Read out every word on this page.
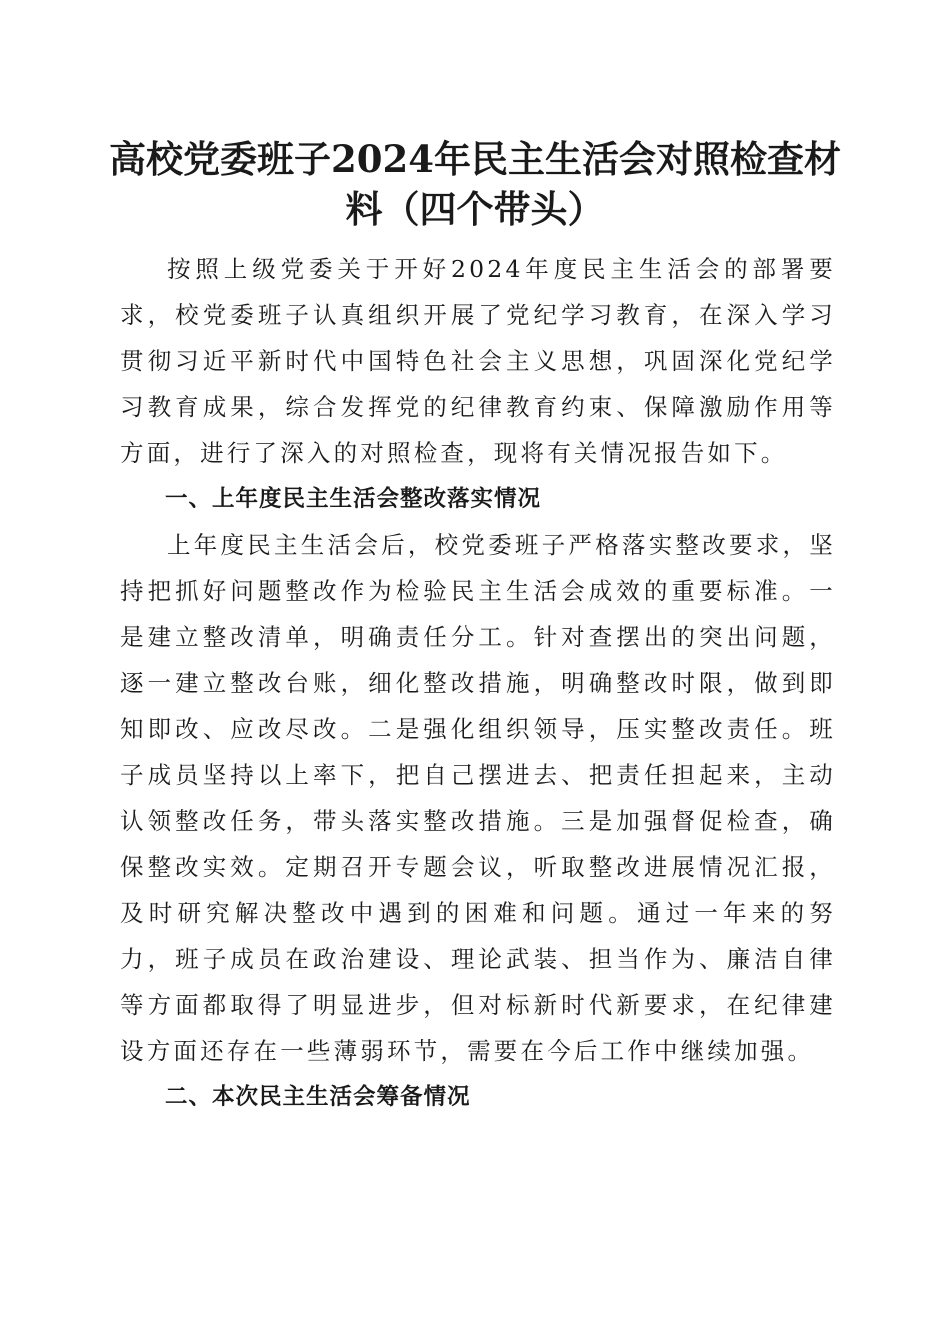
高校党委班子2024年民主生活会对照检查材
料（四个带头）

按照上级党委关于开好2024年度民主生活会的部署要求，校党委班子认真组织开展了党纪学习教育，在深入学习贯彻习近平新时代中国特色社会主义思想，巩固深化党纪学习教育成果，综合发挥党的纪律教育约束、保障激励作用等方面，进行了深入的对照检查，现将有关情况报告如下。

一、上年度民主生活会整改落实情况

上年度民主生活会后，校党委班子严格落实整改要求，坚持把抓好问题整改作为检验民主生活会成效的重要标准。一是建立整改清单，明确责任分工。针对查摆出的突出问题，逐一建立整改台账，细化整改措施，明确整改时限，做到即知即改、应改尽改。二是强化组织领导，压实整改责任。班子成员坚持以上率下，把自己摆进去、把责任担起来，主动认领整改任务，带头落实整改措施。三是加强督促检查，确保整改实效。定期召开专题会议，听取整改进展情况汇报，及时研究解决整改中遇到的困难和问题。通过一年来的努力，班子成员在政治建设、理论武装、担当作为、廉洁自律等方面都取得了明显进步，但对标新时代新要求，在纪律建设方面还存在一些薄弱环节，需要在今后工作中继续加强。

二、本次民主生活会筹备情况
